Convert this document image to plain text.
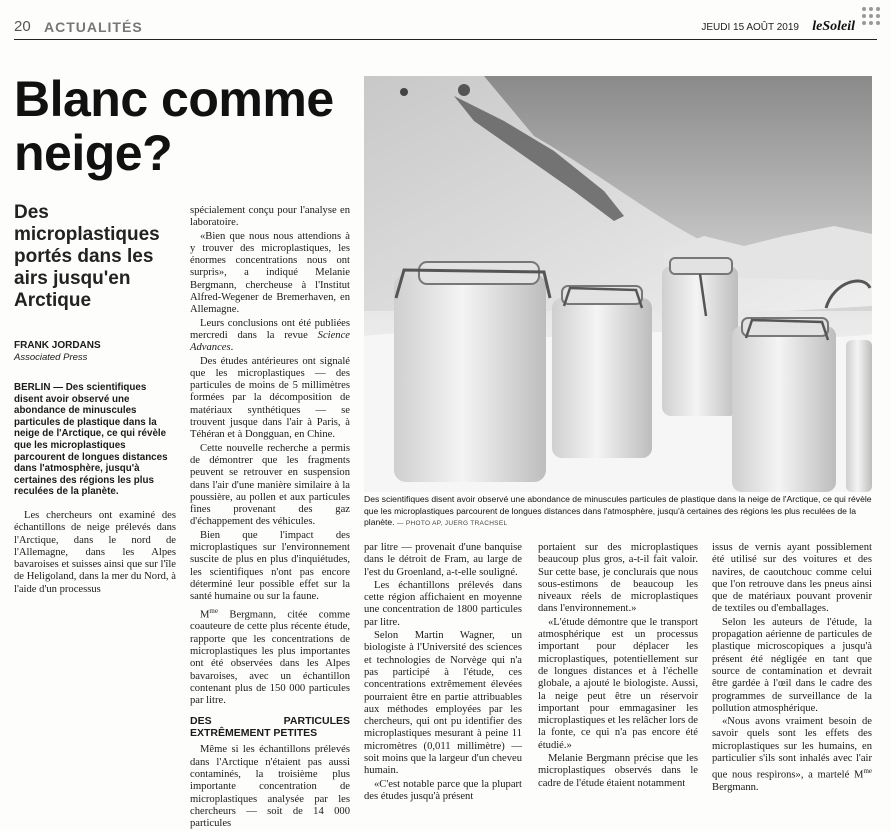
20 ACTUALITÉS	JEUDI 15 AOÛT 2019 leSoleil
Blanc comme neige?
Des microplastiques portés dans les airs jusqu'en Arctique
FRANK JORDANS
Associated Press

BERLIN — Des scientifiques disent avoir observé une abondance de minuscules particules de plastique dans la neige de l'Arctique, ce qui révèle que les microplastiques parcourent de longues distances dans l'atmosphère, jusqu'à certaines des régions les plus reculées de la planète.

Les chercheurs ont examiné des échantillons de neige prélevés dans l'Arctique, dans le nord de l'Allemagne, dans les Alpes bavaroises et suisses ainsi que sur l'île de Heligoland, dans la mer du Nord, à l'aide d'un processus

spécialement conçu pour l'analyse en laboratoire.

«Bien que nous nous attendions à y trouver des microplastiques, les énormes concentrations nous ont surpris», a indiqué Melanie Bergmann, chercheuse à l'Institut Alfred-Wegener de Bremerhaven, en Allemagne.

Leurs conclusions ont été publiées mercredi dans la revue Science Advances.

Des études antérieures ont signalé que les microplastiques — des particules de moins de 5 millimètres formées par la décomposition de matériaux synthétiques — se trouvent jusque dans l'air à Paris, à Téhéran et à Dongguan, en Chine.

Cette nouvelle recherche a permis de démontrer que les fragments peuvent se retrouver en suspension dans l'air d'une manière similaire à la poussière, au pollen et aux particules fines provenant des gaz d'échappement des véhicules.

Bien que l'impact des microplastiques sur l'environnement suscite de plus en plus d'inquiétudes, les scientifiques n'ont pas encore déterminé leur possible effet sur la santé humaine ou sur la faune.

$M^{me}$ Bergmann, citée comme coauteure de cette plus récente étude, rapporte que les concentrations de microplastiques les plus importantes ont été observées dans les Alpes bavaroises, avec un échantillon contenant plus de 150 000 particules par litre.

DES PARTICULES EXTRÊMEMENT PETITES

Même si les échantillons prélevés dans l'Arctique n'étaient pas aussi contaminés, la troisième plus importante concentration de microplastiques analysée par les chercheurs — soit de 14 000 particules

Des scientifiques disent avoir observé une abondance de minuscules particules de plastique dans la neige de l'Arctique, ce qui révèle que les microplastiques parcourent de longues distances dans l'atmosphère, jusqu'à certaines des régions les plus reculées de la planète. — PHOTO AP, JUERG TRACHSEL

par litre — provenait d'une banquise dans le détroit de Fram, au large de l'est du Groenland, a-t-elle souligné.

Les échantillons prélevés dans cette région affichaient en moyenne une concentration de 1800 particules par litre.

Selon Martin Wagner, un biologiste à l'Université des sciences et technologies de Norvège qui n'a pas participé à l'étude, ces concentrations extrêmement élevées pourraient être en partie attribuables aux méthodes employées par les chercheurs, qui ont pu identifier des microplastiques mesurant à peine 11 micromètres (0,011 millimètre) — soit moins que la largeur d'un cheveu humain.

«C'est notable parce que la plupart des études jusqu'à présent

portaient sur des microplastiques beaucoup plus gros, a-t-il fait valoir. Sur cette base, je conclurais que nous sous-estimons de beaucoup les niveaux réels de microplastiques dans l'environnement.»

«L'étude démontre que le transport atmosphérique est un processus important pour déplacer les microplastiques, potentiellement sur de longues distances et à l'échelle globale, a ajouté le biologiste. Aussi, la neige peut être un réservoir important pour emmagasiner les microplastiques et les relâcher lors de la fonte, ce qui n'a pas encore été étudié.»

Melanie Bergmann précise que les microplastiques observés dans le cadre de l'étude étaient notamment

issus de vernis ayant possiblement été utilisé sur des voitures et des navires, de caoutchouc comme celui que l'on retrouve dans les pneus ainsi que de matériaux pouvant provenir de textiles ou d'emballages.

Selon les auteurs de l'étude, la propagation aérienne de particules de plastique microscopiques a jusqu'à présent été négligée en tant que source de contamination et devrait être gardée à l'œil dans le cadre des programmes de surveillance de la pollution atmosphérique.

«Nous avons vraiment besoin de savoir quels sont les effets des microplastiques sur les humains, en particulier s'ils sont inhalés avec l'air que nous respirons», a martelé $M^{me}$ Bergmann.
